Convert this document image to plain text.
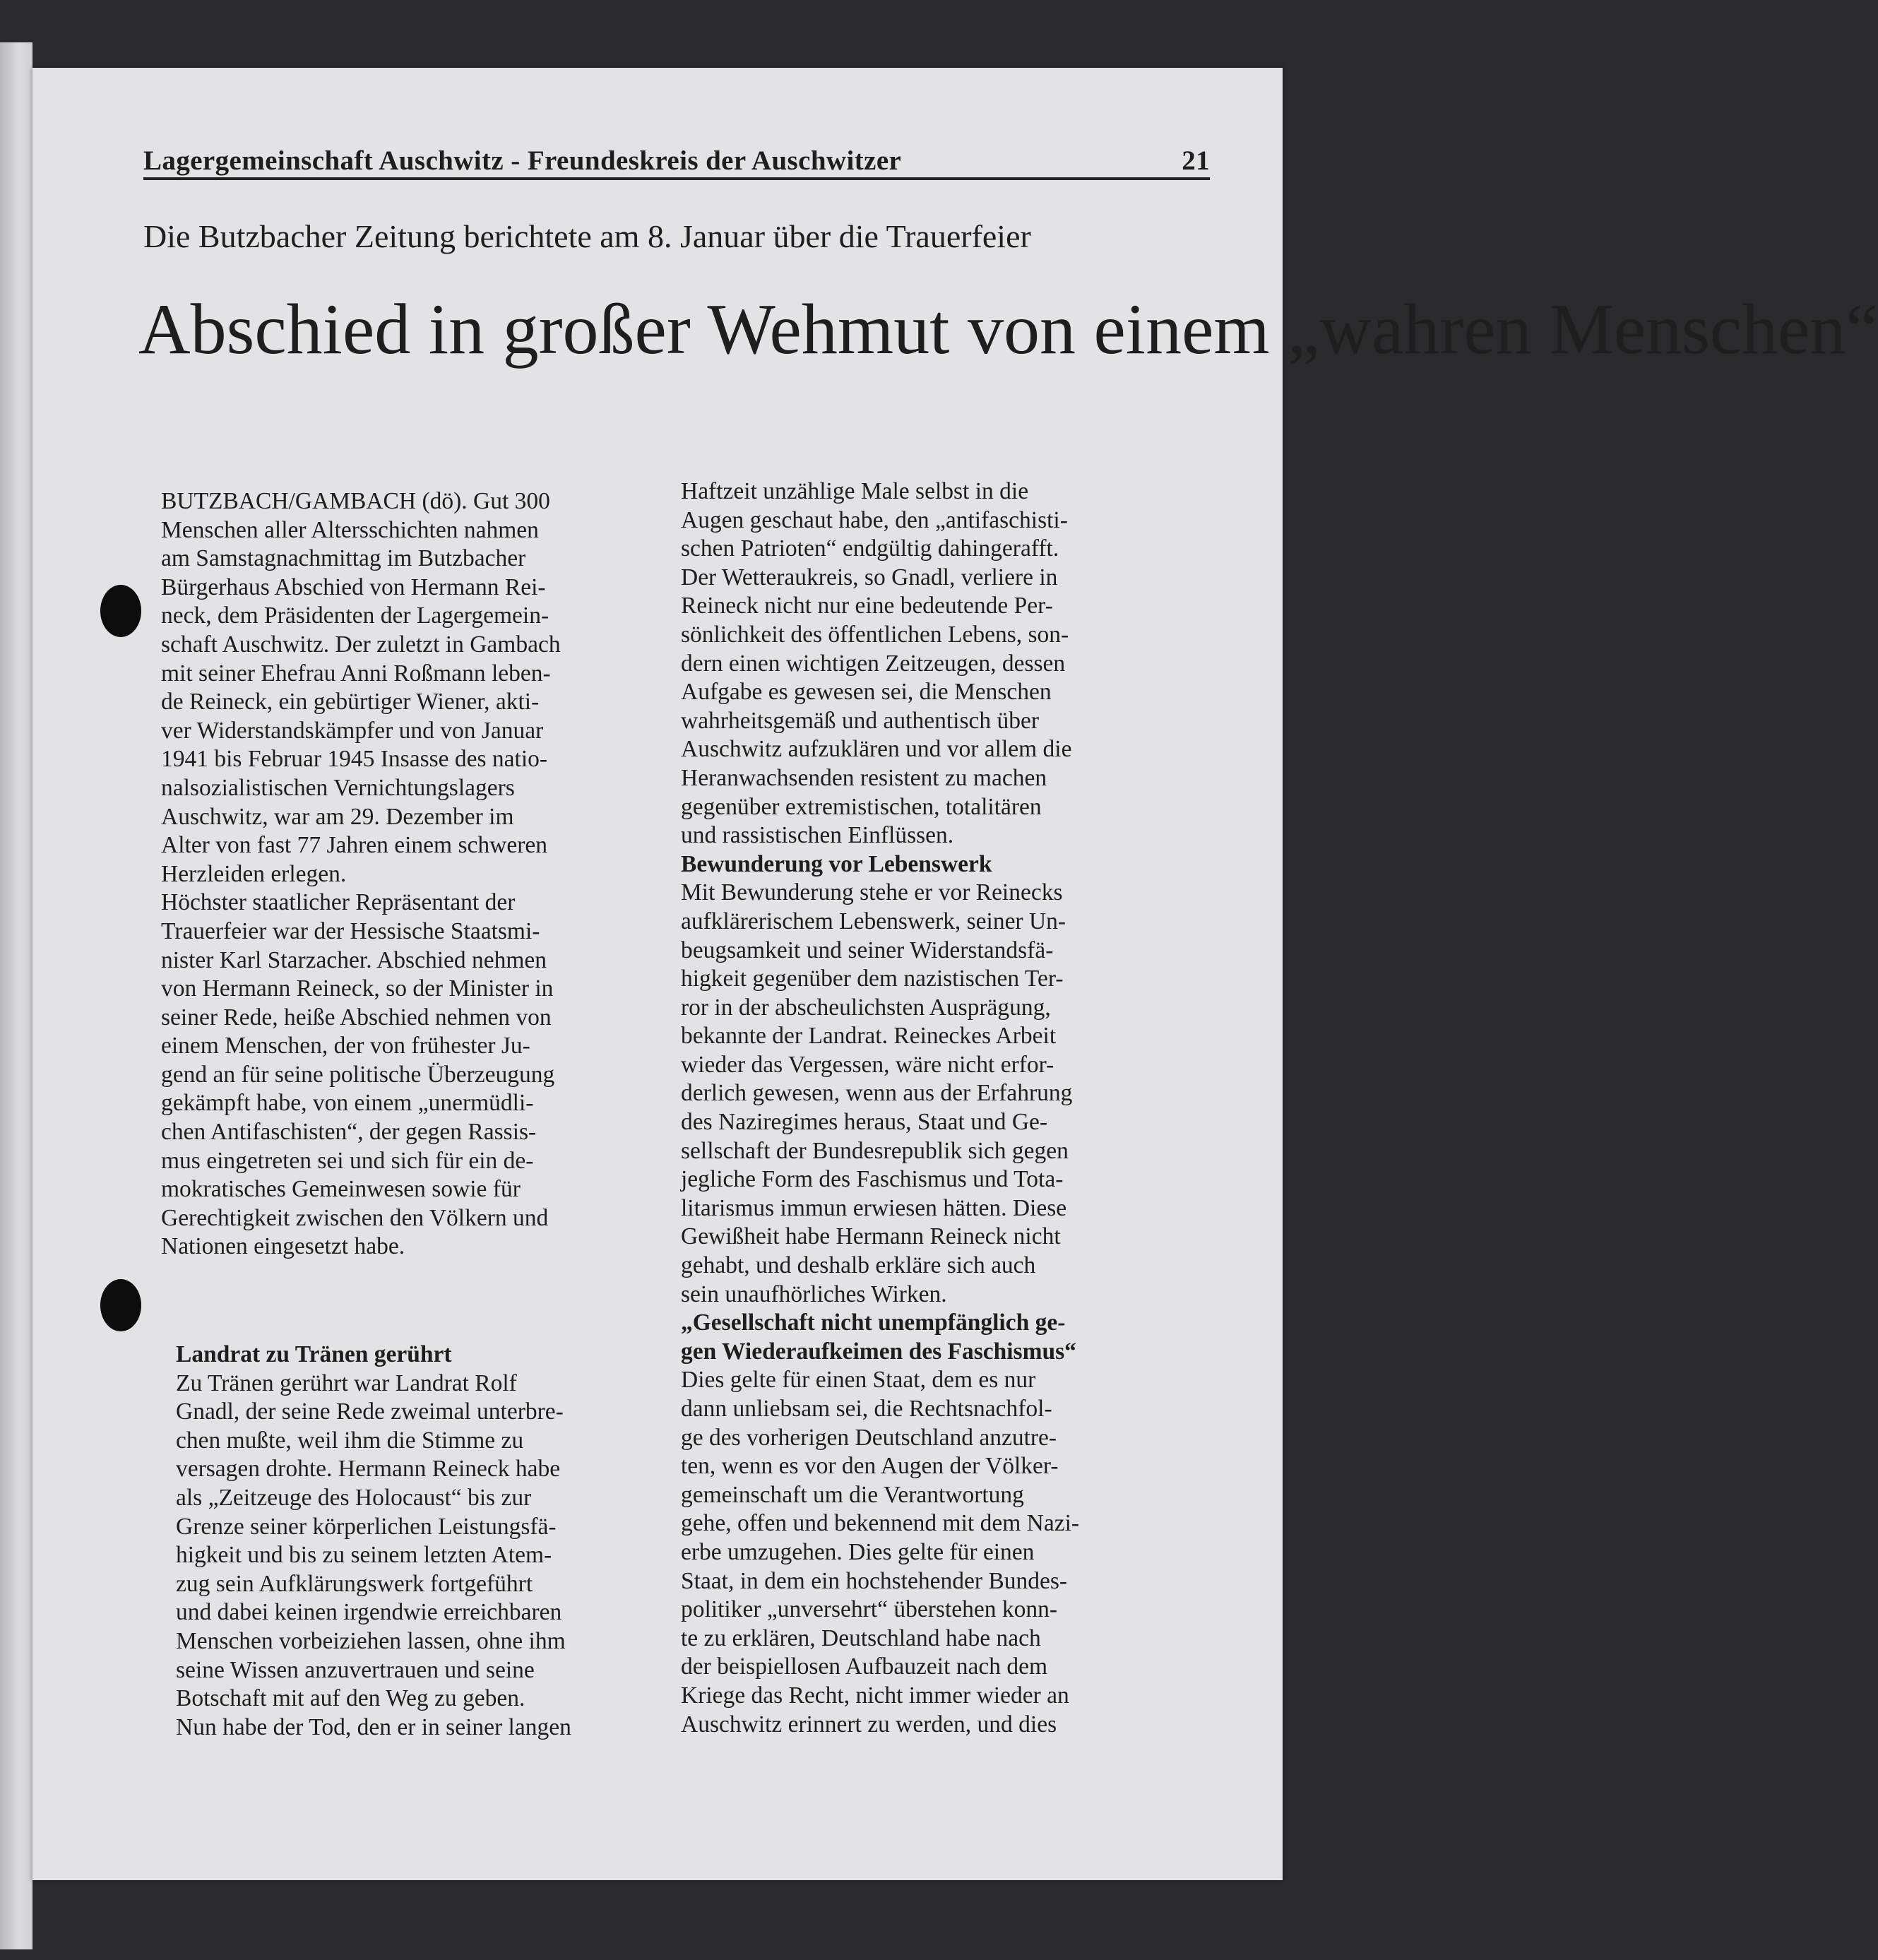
Lagergemeinschaft Auschwitz - Freundeskreis der Auschwitzer	21
Die Butzbacher Zeitung berichtete am 8. Januar über die Trauerfeier
Abschied in großer Wehmut von einem „wahren Menschen“

BUTZBACH/GAMBACH (dö). Gut 300

Menschen aller Altersschichten nahmen

am Samstagnachmittag im Butzbacher

Bürgerhaus Abschied von Hermann Rei-

neck, dem Präsidenten der Lagergemein-

schaft Auschwitz. Der zuletzt in Gambach

mit seiner Ehefrau Anni Roßmann leben-

de Reineck, ein gebürtiger Wiener, akti-

ver Widerstandskämpfer und von Januar

1941 bis Februar 1945 Insasse des natio-

nalsozialistischen Vernichtungslagers

Auschwitz, war am 29. Dezember im

Alter von fast 77 Jahren einem schweren

Herzleiden erlegen.

Höchster staatlicher Repräsentant der

Trauerfeier war der Hessische Staatsmi-

nister Karl Starzacher. Abschied nehmen

von Hermann Reineck, so der Minister in

seiner Rede, heiße Abschied nehmen von

einem Menschen, der von frühester Ju-

gend an für seine politische Überzeugung

gekämpft habe, von einem „unermüdli-

chen Antifaschisten“, der gegen Rassis-

mus eingetreten sei und sich für ein de-

mokratisches Gemeinwesen sowie für

Gerechtigkeit zwischen den Völkern und

Nationen eingesetzt habe.

Landrat zu Tränen gerührt

Zu Tränen gerührt war Landrat Rolf

Gnadl, der seine Rede zweimal unterbre-

chen mußte, weil ihm die Stimme zu

versagen drohte. Hermann Reineck habe

als „Zeitzeuge des Holocaust“ bis zur

Grenze seiner körperlichen Leistungsfä-

higkeit und bis zu seinem letzten Atem-

zug sein Aufklärungswerk fortgeführt

und dabei keinen irgendwie erreichbaren

Menschen vorbeiziehen lassen, ohne ihm

seine Wissen anzuvertrauen und seine

Botschaft mit auf den Weg zu geben.

Nun habe der Tod, den er in seiner langen

Haftzeit unzählige Male selbst in die

Augen geschaut habe, den „antifaschisti-

schen Patrioten“ endgültig dahingerafft.

Der Wetteraukreis, so Gnadl, verliere in

Reineck nicht nur eine bedeutende Per-

sönlichkeit des öffentlichen Lebens, son-

dern einen wichtigen Zeitzeugen, dessen

Aufgabe es gewesen sei, die Menschen

wahrheitsgemäß und authentisch über

Auschwitz aufzuklären und vor allem die

Heranwachsenden resistent zu machen

gegenüber extremistischen, totalitären

und rassistischen Einflüssen.

Bewunderung vor Lebenswerk

Mit Bewunderung stehe er vor Reinecks

aufklärerischem Lebenswerk, seiner Un-

beugsamkeit und seiner Widerstandsfä-

higkeit gegenüber dem nazistischen Ter-

ror in der abscheulichsten Ausprägung,

bekannte der Landrat. Reineckes Arbeit

wieder das Vergessen, wäre nicht erfor-

derlich gewesen, wenn aus der Erfahrung

des Naziregimes heraus, Staat und Ge-

sellschaft der Bundesrepublik sich gegen

jegliche Form des Faschismus und Tota-

litarismus immun erwiesen hätten. Diese

Gewißheit habe Hermann Reineck nicht

gehabt, und deshalb erkläre sich auch

sein unaufhörliches Wirken.

„Gesellschaft nicht unempfänglich ge-

gen Wiederaufkeimen des Faschismus“

Dies gelte für einen Staat, dem es nur

dann unliebsam sei, die Rechtsnachfol-

ge des vorherigen Deutschland anzutre-

ten, wenn es vor den Augen der Völker-

gemeinschaft um die Verantwortung

gehe, offen und bekennend mit dem Nazi-

erbe umzugehen. Dies gelte für einen

Staat, in dem ein hochstehender Bundes-

politiker „unversehrt“ überstehen konn-

te zu erklären, Deutschland habe nach

der beispiellosen Aufbauzeit nach dem

Kriege das Recht, nicht immer wieder an

Auschwitz erinnert zu werden, und dies
